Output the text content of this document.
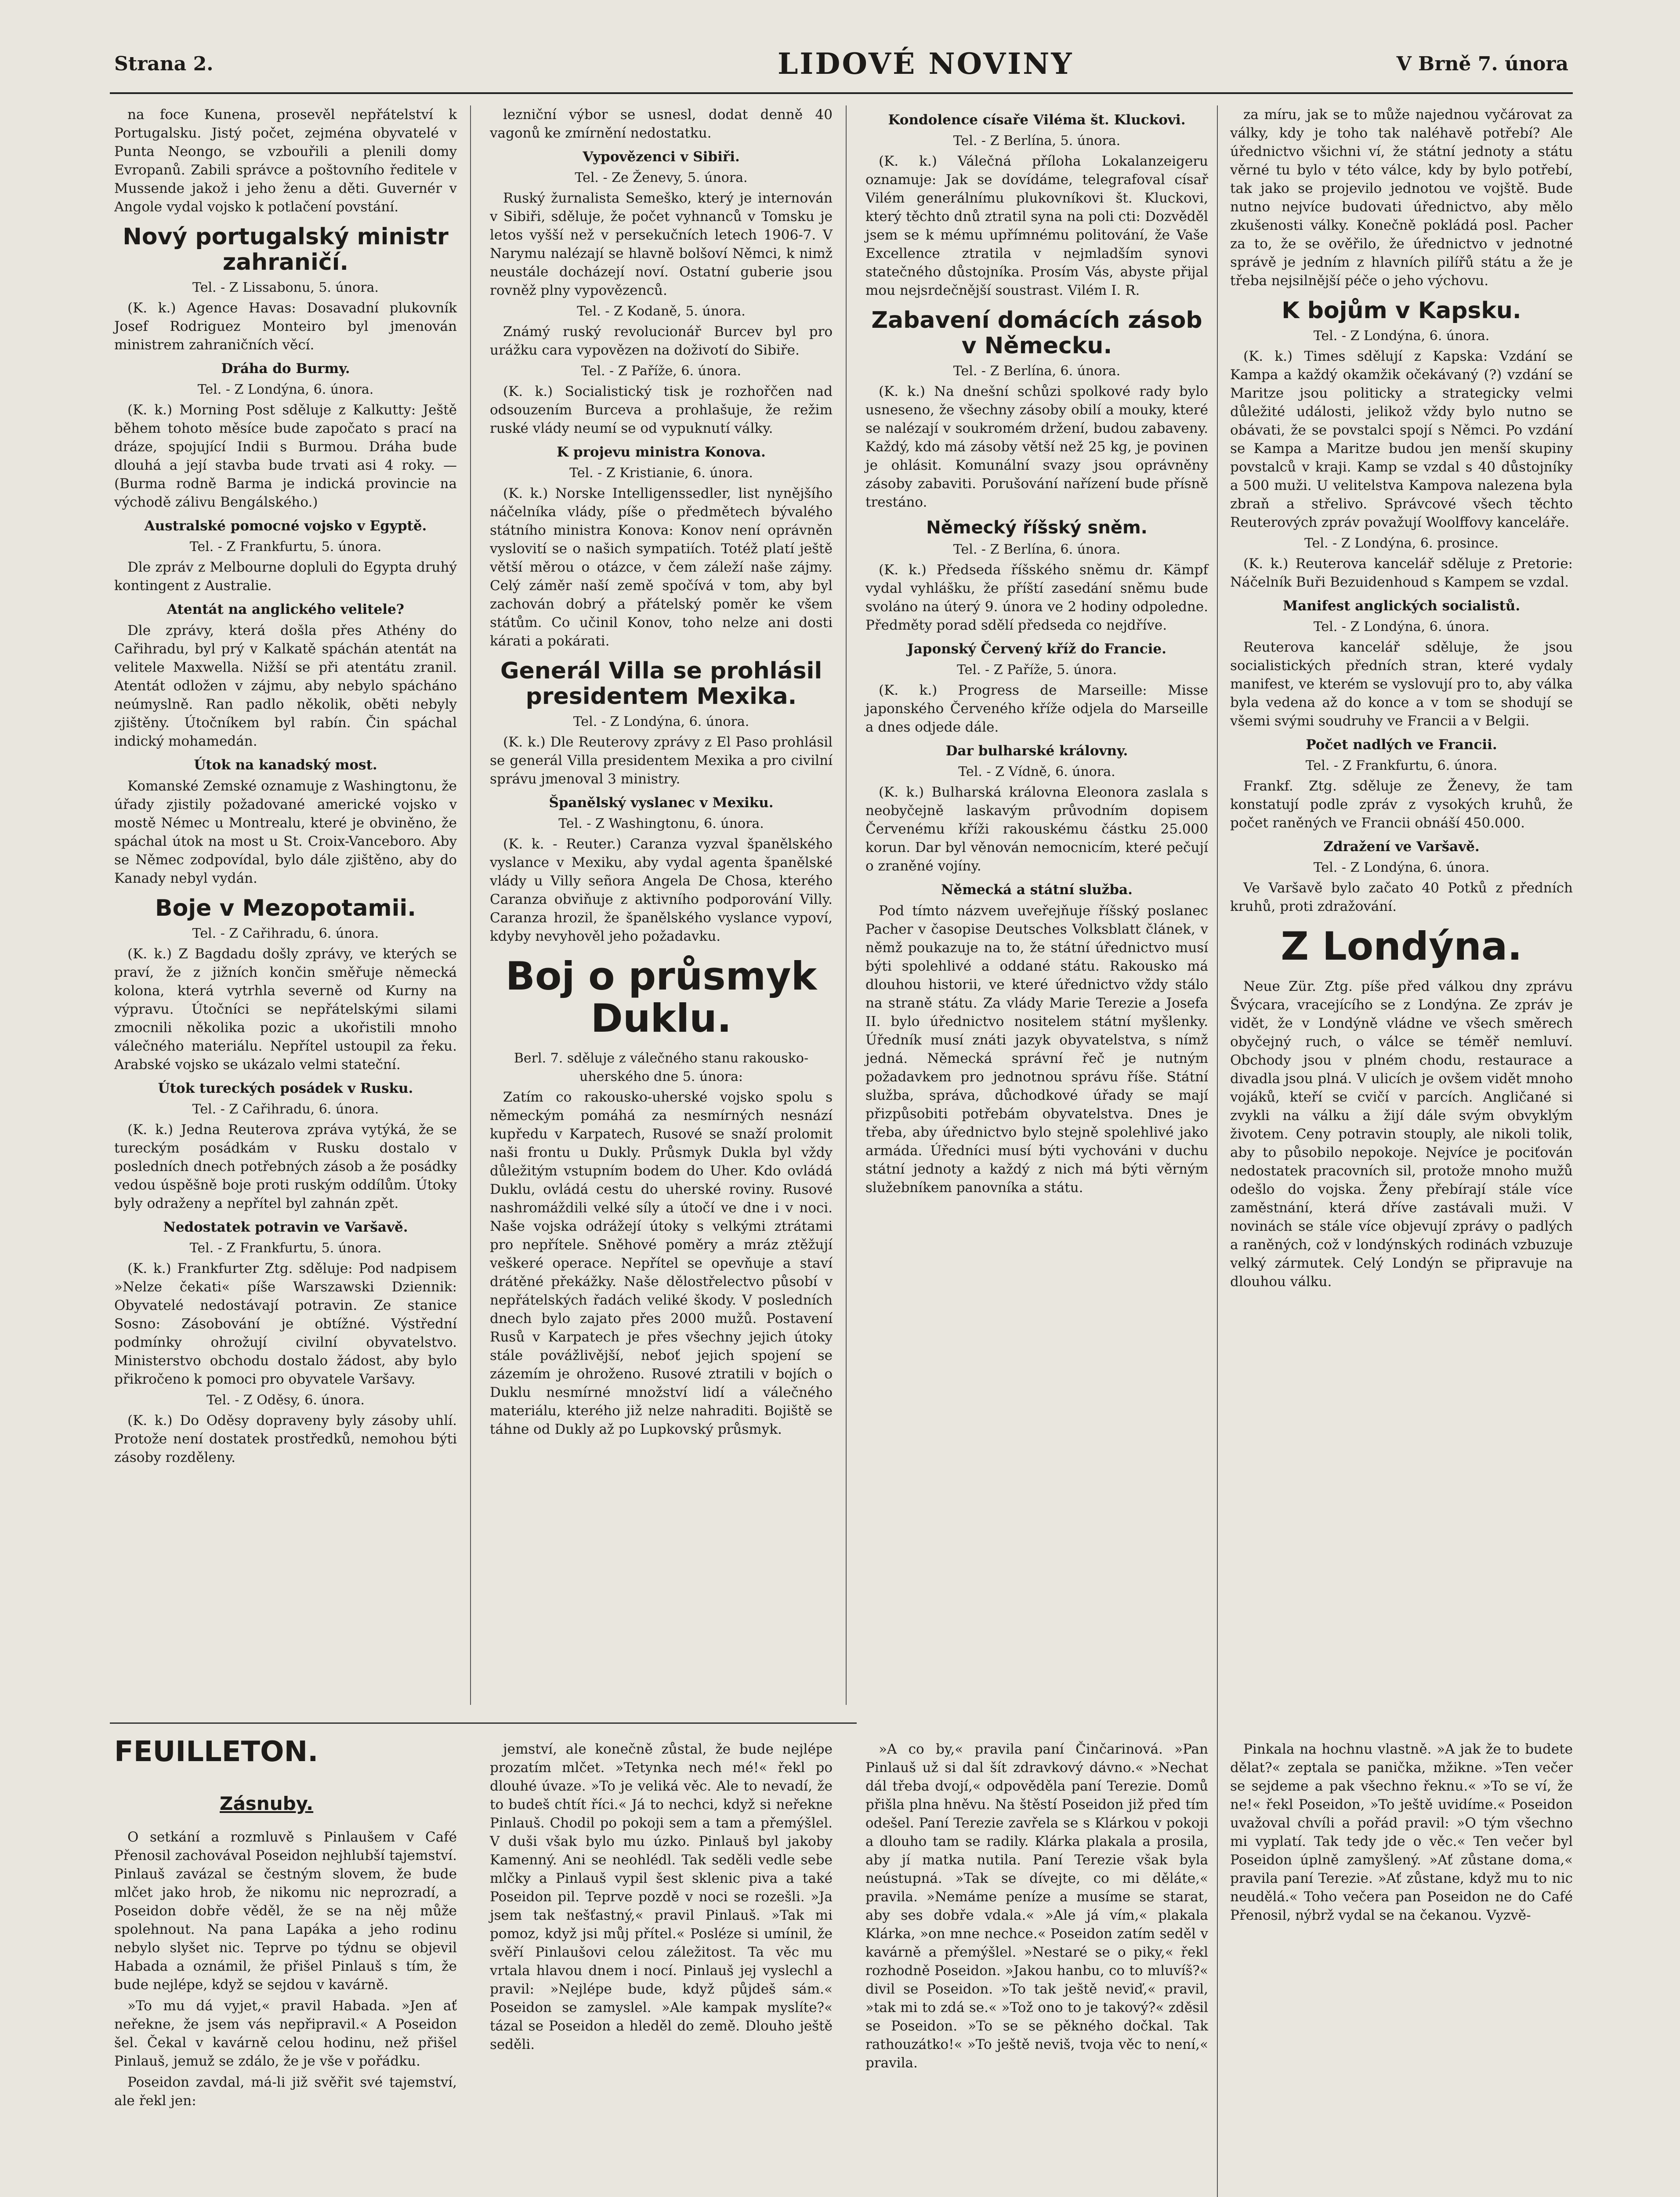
Strana 2.	LIDOVÉ NOVINY	V Brně 7. února

na foce Kunena, prosevěl nepřátelství k Portugalsku. Jistý počet, zejména obyvatelé v Punta Neongo, se vzbouřili a plenili domy Evropanů. Zabili správce a poštovního ředitele v Mussende jakož i jeho ženu a děti. Guvernér v Angole vydal vojsko k potlačení povstání.

Nový portugalský ministr zahraničí.
Tel. - Z Lissabonu, 5. února.

(K. k.) Agence Havas: Dosavadní plukovník Josef Rodriguez Monteiro byl jmenován ministrem zahraničních věcí.

Dráha do Burmy.
Tel. - Z Londýna, 6. února.

(K. k.) Morning Post sděluje z Kalkutty: Ještě během tohoto měsíce bude započato s prací na dráze, spojující Indii s Burmou. Dráha bude dlouhá a její stavba bude trvati asi 4 roky. — (Burma rodně Barma je indická provincie na východě zálivu Bengálského.)

Australské pomocné vojsko v Egyptě.
Tel. - Z Frankfurtu, 5. února.

Dle zpráv z Melbourne dopluli do Egypta druhý kontingent z Australie.

Atentát na anglického velitele?

Dle zprávy, která došla přes Athény do Cařihradu, byl prý v Kalkatě spáchán atentát na velitele Maxwella. Nižší se při atentátu zranil. Atentát odložen v zájmu, aby nebylo spácháno neúmyslně. Ran padlo několik, oběti nebyly zjištěny. Útočníkem byl rabín. Čin spáchal indický mohamedán.

Útok na kanadský most.

Komanské Zemské oznamuje z Washingtonu, že úřady zjistily požadované americké vojsko v mostě Némec u Montrealu, které je obviněno, že spáchal útok na most u St. Croix-Vanceboro. Aby se Němec zodpovídal, bylo dále zjištěno, aby do Kanady nebyl vydán.

Boje v Mezopotamii.
Tel. - Z Cařihradu, 6. února.

(K. k.) Z Bagdadu došly zprávy, ve kterých se praví, že z jižních končin směřuje německá kolona, která vytrhla severně od Kurny na výpravu. Útočníci se nepřátelskými silami zmocnili několika pozic a ukořistili mnoho válečného materiálu. Nepřítel ustoupil za řeku. Arabské vojsko se ukázalo velmi stateční.

Útok tureckých posádek v Rusku.
Tel. - Z Cařihradu, 6. února.

(K. k.) Jedna Reuterova zpráva vytýká, že se tureckým posádkám v Rusku dostalo v posledních dnech potřebných zásob a že posádky vedou úspěšně boje proti ruským oddílům. Útoky byly odraženy a nepřítel byl zahnán zpět.

Nedostatek potravin ve Varšavě.
Tel. - Z Frankfurtu, 5. února.

(K. k.) Frankfurter Ztg. sděluje: Pod nadpisem »Nelze čekati« píše Warszawski Dziennik: Obyvatelé nedostávají potravin. Ze stanice Sosno: Zásobování je obtížné. Výstřední podmínky ohrožují civilní obyvatelstvo. Ministerstvo obchodu dostalo žádost, aby bylo přikročeno k pomoci pro obyvatele Varšavy.

Tel. - Z Oděsy, 6. února.

(K. k.) Do Oděsy dopraveny byly zásoby uhlí. Protože není dostatek prostředků, nemohou býti zásoby rozděleny.

lezniční výbor se usnesl, dodat denně 40 vagonů ke zmírnění nedostatku.

Vypovězenci v Sibiři.
Tel. - Ze Ženevy, 5. února.

Ruský žurnalista Semeško, který je internován v Sibiři, sděluje, že počet vyhnanců v Tomsku je letos vyšší než v persekučních letech 1906-7. V Narymu nalézají se hlavně bolšoví Němci, k nimž neustále docházejí noví. Ostatní guberie jsou rovněž plny vypovězenců.

Tel. - Z Kodaně, 5. února.

Známý ruský revolucionář Burcev byl pro urážku cara vypovězen na doživotí do Sibiře.

Tel. - Z Paříže, 6. února.

(K. k.) Socialistický tisk je rozhořčen nad odsouzením Burceva a prohlašuje, že režim ruské vlády neumí se od vypuknutí války.

K projevu ministra Konova.
Tel. - Z Kristianie, 6. února.

(K. k.) Norske Intelligenssedler, list nynějšího náčelníka vlády, píše o předmětech bývalého státního ministra Konova: Konov není oprávněn vyslovití se o našich sympatiích. Totéž platí ještě větší měrou o otázce, v čem záleží naše zájmy. Celý záměr naší země spočívá v tom, aby byl zachován dobrý a přátelský poměr ke všem státům. Co učinil Konov, toho nelze ani dosti kárati a pokárati.

Generál Villa se prohlásil presidentem Mexika.
Tel. - Z Londýna, 6. února.

(K. k.) Dle Reuterovy zprávy z El Paso prohlásil se generál Villa presidentem Mexika a pro civilní správu jmenoval 3 ministry.

Španělský vyslanec v Mexiku.
Tel. - Z Washingtonu, 6. února.

(K. k. - Reuter.) Caranza vyzval španělského vyslance v Mexiku, aby vydal agenta španělské vlády u Villy señora Angela De Chosa, kterého Caranza obviňuje z aktivního podporování Villy. Caranza hrozil, že španělského vyslance vypoví, kdyby nevyhověl jeho požadavku.

Boj o průsmyk Duklu.
Berl. 7. sděluje z válečného stanu rakousko-uherského dne 5. února:

Zatím co rakousko-uherské vojsko spolu s německým pomáhá za nesmírných nesnází kupředu v Karpatech, Rusové se snaží prolomit naši frontu u Dukly. Průsmyk Dukla byl vždy důležitým vstupním bodem do Uher. Kdo ovládá Duklu, ovládá cestu do uherské roviny. Rusové nashromáždili velké síly a útočí ve dne i v noci. Naše vojska odrážejí útoky s velkými ztrátami pro nepřítele. Sněhové poměry a mráz ztěžují veškeré operace. Nepřítel se opevňuje a staví drátěné překážky. Naše dělostřelectvo působí v nepřátelských řadách veliké škody. V posledních dnech bylo zajato přes 2000 mužů. Postavení Rusů v Karpatech je přes všechny jejich útoky stále povážlivější, neboť jejich spojení se zázemím je ohroženo. Rusové ztratili v bojích o Duklu nesmírné množství lidí a válečného materiálu, kterého již nelze nahraditi. Bojiště se táhne od Dukly až po Lupkovský průsmyk.

Kondolence císaře Viléma št. Kluckovi.
Tel. - Z Berlína, 5. února.

(K. k.) Válečná příloha Lokalanzeigeru oznamuje: Jak se dovídáme, telegrafoval císař Vilém generálnímu plukovníkovi št. Kluckovi, který těchto dnů ztratil syna na poli cti: Dozvěděl jsem se k mému upřímnému politování, že Vaše Excellence ztratila v nejmladším synovi statečného důstojníka. Prosím Vás, abyste přijal mou nejsrdečnější soustrast. Vilém I. R.

Zabavení domácích zásob v Německu.
Tel. - Z Berlína, 6. února.

(K. k.) Na dnešní schůzi spolkové rady bylo usneseno, že všechny zásoby obilí a mouky, které se nalézají v soukromém držení, budou zabaveny. Každý, kdo má zásoby větší než 25 kg, je povinen je ohlásit. Komunální svazy jsou oprávněny zásoby zabaviti. Porušování nařízení bude přísně trestáno.

Německý říšský sněm.
Tel. - Z Berlína, 6. února.

(K. k.) Předseda říšského sněmu dr. Kämpf vydal vyhlášku, že příští zasedání sněmu bude svoláno na úterý 9. února ve 2 hodiny odpoledne. Předměty porad sdělí předseda co nejdříve.

Japonský Červený kříž do Francie.
Tel. - Z Paříže, 5. února.

(K. k.) Progress de Marseille: Misse japonského Červeného kříže odjela do Marseille a dnes odjede dále.

Dar bulharské královny.
Tel. - Z Vídně, 6. února.

(K. k.) Bulharská královna Eleonora zaslala s neobyčejně laskavým průvodním dopisem Červenému kříži rakouskému částku 25.000 korun. Dar byl věnován nemocnicím, které pečují o zraněné vojíny.

Německá a státní služba.

Pod tímto názvem uveřejňuje říšský poslanec Pacher v časopise Deutsches Volksblatt článek, v němž poukazuje na to, že státní úřednictvo musí býti spolehlivé a oddané státu. Rakousko má dlouhou historii, ve které úřednictvo vždy stálo na straně státu. Za vlády Marie Terezie a Josefa II. bylo úřednictvo nositelem státní myšlenky. Úředník musí znáti jazyk obyvatelstva, s nímž jedná. Německá správní řeč je nutným požadavkem pro jednotnou správu říše. Státní služba, správa, důchodkové úřady se mají přizpůsobiti potřebám obyvatelstva. Dnes je třeba, aby úřednictvo bylo stejně spolehlivé jako armáda. Úředníci musí býti vychováni v duchu státní jednoty a každý z nich má býti věrným služebníkem panovníka a státu.

za míru, jak se to může najednou vyčárovat za války, kdy je toho tak naléhavě potřebí? Ale úřednictvo všichni ví, že státní jednoty a státu věrné tu bylo v této válce, kdy by bylo potřebí, tak jako se projevilo jednotou ve vojště. Bude nutno nejvíce budovati úřednictvo, aby mělo zkušenosti války. Konečně pokládá posl. Pacher za to, že se ověřilo, že úřednictvo v jednotné správě je jedním z hlavních pilířů státu a že je třeba nejsilnější péče o jeho výchovu.

K bojům v Kapsku.
Tel. - Z Londýna, 6. února.

(K. k.) Times sdělují z Kapska: Vzdání se Kampa a každý okamžik očekávaný (?) vzdání se Maritze jsou politicky a strategicky velmi důležité události, jelikož vždy bylo nutno se obávati, že se povstalci spojí s Němci. Po vzdání se Kampa a Maritze budou jen menší skupiny povstalců v kraji. Kamp se vzdal s 40 důstojníky a 500 muži. U velitelstva Kampova nalezena byla zbraň a střelivo. Správcové všech těchto Reuterových zpráv považují Woolffovy kanceláře.

Tel. - Z Londýna, 6. prosince.

(K. k.) Reuterova kancelář sděluje z Pretorie: Náčelník Buři Bezuidenhoud s Kampem se vzdal.

Manifest anglických socialistů.
Tel. - Z Londýna, 6. února.

Reuterova kancelář sděluje, že jsou socialistických předních stran, které vydaly manifest, ve kterém se vyslovují pro to, aby válka byla vedena až do konce a v tom se shodují se všemi svými soudruhy ve Francii a v Belgii.

Počet nadlých ve Francii.
Tel. - Z Frankfurtu, 6. února.

Frankf. Ztg. sděluje ze Ženevy, že tam konstatují podle zpráv z vysokých kruhů, že počet raněných ve Francii obnáší 450.000.

Zdražení ve Varšavě.
Tel. - Z Londýna, 6. února.

Ve Varšavě bylo začato 40 Potků z předních kruhů, proti zdražování.

Z Londýna.

Neue Zür. Ztg. píše před válkou dny zprávu Švýcara, vracejícího se z Londýna. Ze zpráv je vidět, že v Londýně vládne ve všech směrech obyčejný ruch, o válce se téměř nemluví. Obchody jsou v plném chodu, restaurace a divadla jsou plná. V ulicích je ovšem vidět mnoho vojáků, kteří se cvičí v parcích. Angličané si zvykli na válku a žijí dále svým obvyklým životem. Ceny potravin stouply, ale nikoli tolik, aby to působilo nepokoje. Nejvíce je pociťován nedostatek pracovních sil, protože mnoho mužů odešlo do vojska. Ženy přebírají stále více zaměstnání, která dříve zastávali muži. V novinách se stále více objevují zprávy o padlých a raněných, což v londýnských rodinách vzbuzuje velký zármutek. Celý Londýn se připravuje na dlouhou válku.

FEUILLETON.
Zásnuby.

O setkání a rozmluvě s Pinlaušem v Café Přenosil zachovával Poseidon nejhlubší tajemství. Pinlauš zavázal se čestným slovem, že bude mlčet jako hrob, že nikomu nic neprozradí, a Poseidon dobře věděl, že se na něj může spolehnout. Na pana Lapáka a jeho rodinu nebylo slyšet nic. Teprve po týdnu se objevil Habada a oznámil, že přišel Pinlauš s tím, že bude nejlépe, když se sejdou v kavárně.

»To mu dá vyjet,« pravil Habada. »Jen ať neřekne, že jsem vás nepřipravil.« A Poseidon šel. Čekal v kavárně celou hodinu, než přišel Pinlauš, jemuž se zdálo, že je vše v pořádku.

Poseidon zavdal, má-li již svěřit své tajemství, ale řekl jen:

jemství, ale konečně zůstal, že bude nejlépe prozatím mlčet. »Tetynka nech mé!« řekl po dlouhé úvaze. »To je veliká věc. Ale to nevadí, že to budeš chtít říci.« Já to nechci, když si neřekne Pinlauš. Chodil po pokoji sem a tam a přemýšlel. V duši však bylo mu úzko. Pinlauš byl jakoby Kamenný. Ani se neohlédl. Tak seděli vedle sebe mlčky a Pinlauš vypil šest sklenic piva a také Poseidon pil. Teprve pozdě v noci se rozešli. »Ja jsem tak nešťastný,« pravil Pinlauš. »Tak mi pomoz, když jsi můj přítel.« Posléze si umínil, že svěří Pinlaušovi celou záležitost. Ta věc mu vrtala hlavou dnem i nocí. Pinlauš jej vyslechl a pravil: »Nejlépe bude, když půjdeš sám.« Poseidon se zamyslel. »Ale kampak myslíte?« tázal se Poseidon a hleděl do země. Dlouho ještě seděli.

»A co by,« pravila paní Činčarinová. »Pan Pinlauš už si dal šít zdravkový dávno.« »Nechat dál třeba dvojí,« odpověděla paní Terezie. Domů přišla plna hněvu. Na štěstí Poseidon již před tím odešel. Paní Terezie zavřela se s Klárkou v pokoji a dlouho tam se radily. Klárka plakala a prosila, aby jí matka nutila. Paní Terezie však byla neústupná. »Tak se dívejte, co mi děláte,« pravila. »Nemáme peníze a musíme se starat, aby ses dobře vdala.« »Ale já vím,« plakala Klárka, »on mne nechce.« Poseidon zatím seděl v kavárně a přemýšlel. »Nestaré se o piky,« řekl rozhodně Poseidon. »Jakou hanbu, co to mluvíš?« divil se Poseidon. »To tak ještě neviď,« pravil, »tak mi to zdá se.« »Tož ono to je takový?« zděsil se Poseidon. »To se se pěkného dočkal. Tak rathouzátko!« »To ještě neviš, tvoja věc to není,« pravila.

Pinkala na hochnu vlastně. »A jak že to budete dělat?« zeptala se panička, mžikne. »Ten večer se sejdeme a pak všechno řeknu.« »To se ví, že ne!« řekl Poseidon, »To ještě uvidíme.« Poseidon uvažoval chvíli a pořád pravil: »O tým všechno mi vyplatí. Tak tedy jde o věc.« Ten večer byl Poseidon úplně zamyšlený. »Ať zůstane doma,« pravila paní Terezie. »Ať zůstane, když mu to nic neudělá.« Toho večera pan Poseidon ne do Café Přenosil, nýbrž vydal se na čekanou. Vyzvě-
